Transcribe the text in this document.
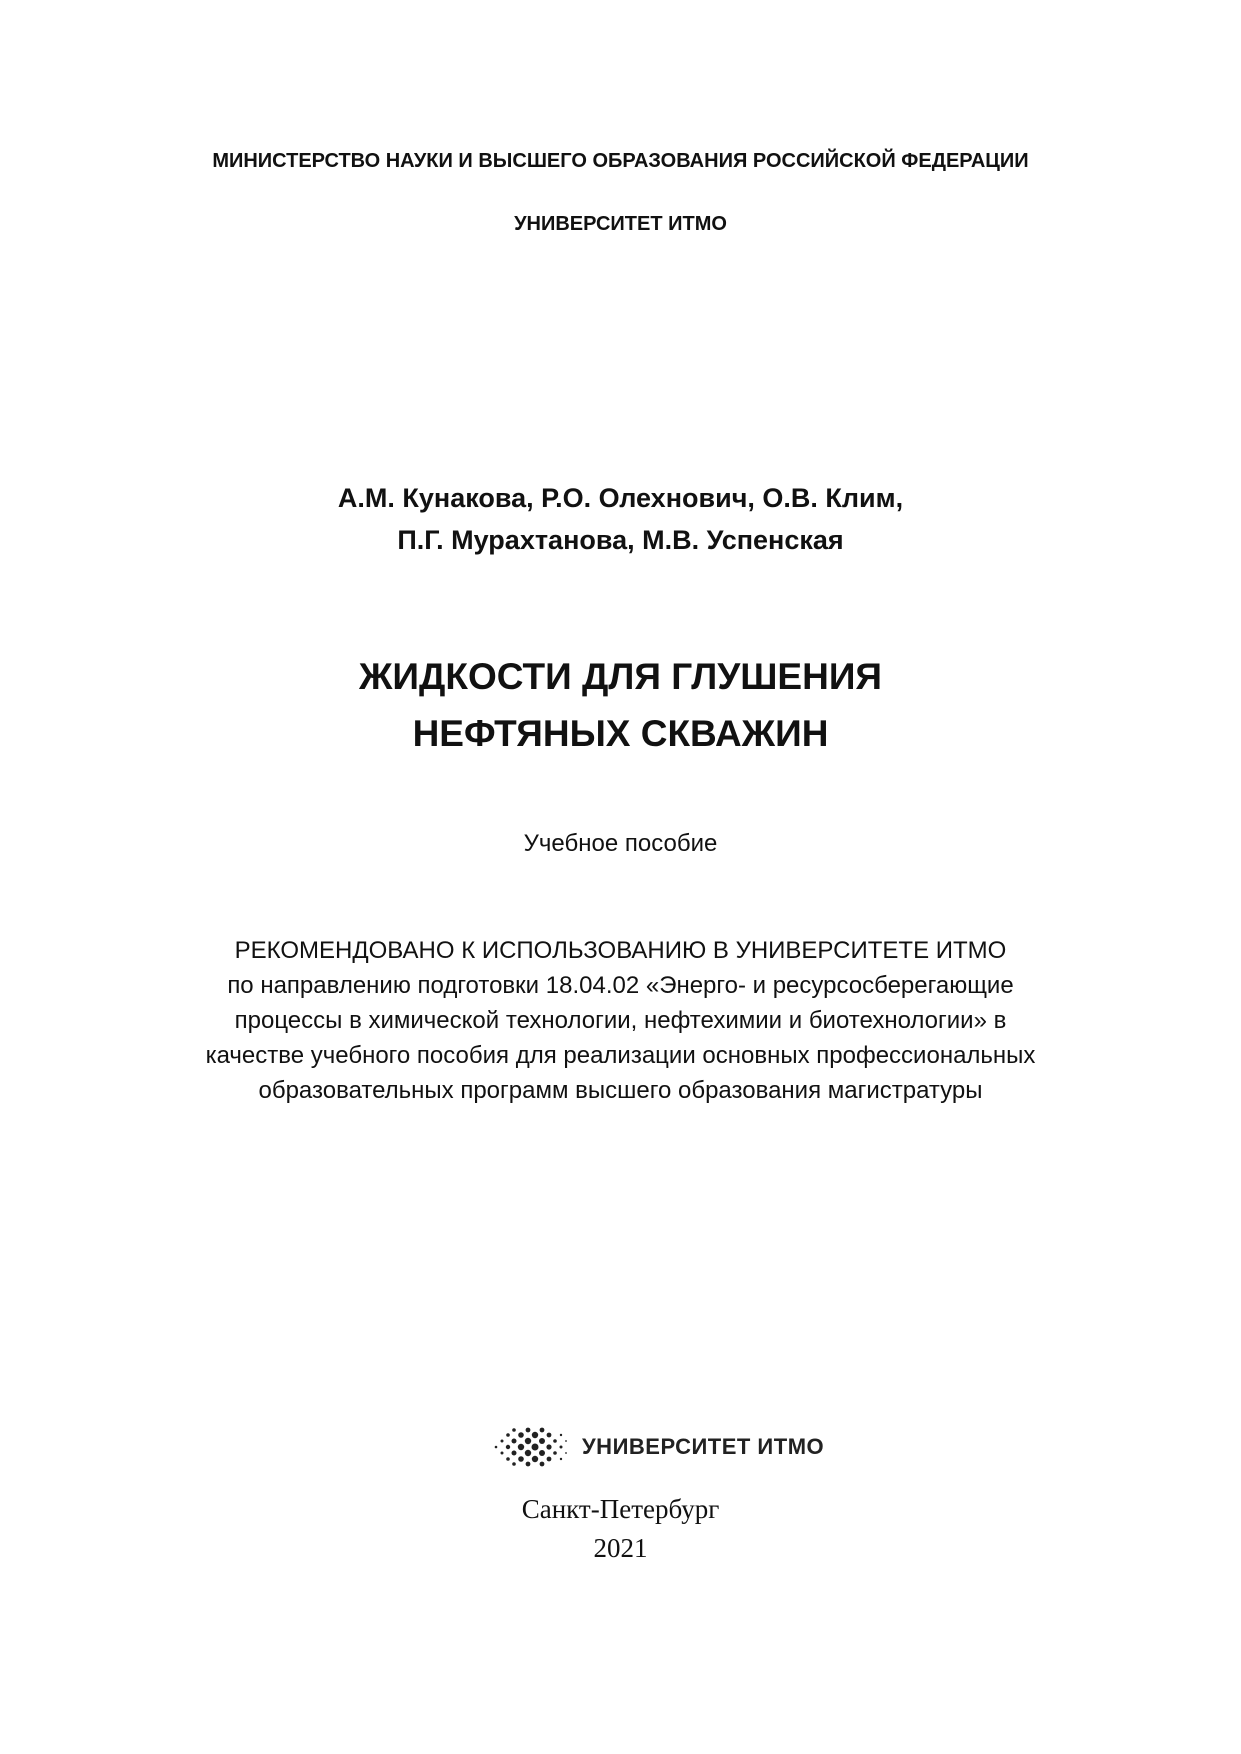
МИНИСТЕРСТВО НАУКИ И ВЫСШЕГО ОБРАЗОВАНИЯ РОССИЙСКОЙ ФЕДЕРАЦИИ
УНИВЕРСИТЕТ ИТМО
А.М. Кунакова, Р.О. Олехнович, О.В. Клим,
П.Г. Мурахтанова, М.В. Успенская
ЖИДКОСТИ ДЛЯ ГЛУШЕНИЯ
НЕФТЯНЫХ СКВАЖИН
Учебное пособие
РЕКОМЕНДОВАНО К ИСПОЛЬЗОВАНИЮ В УНИВЕРСИТЕТЕ ИТМО
по направлению подготовки 18.04.02 «Энерго- и ресурсосберегающие
процессы в химической технологии, нефтехимии и биотехнологии» в
качестве учебного пособия для реализации основных профессиональных
образовательных программ высшего образования магистратуры
УНИВЕРСИТЕТ ИТМО
Санкт-Петербург
2021
